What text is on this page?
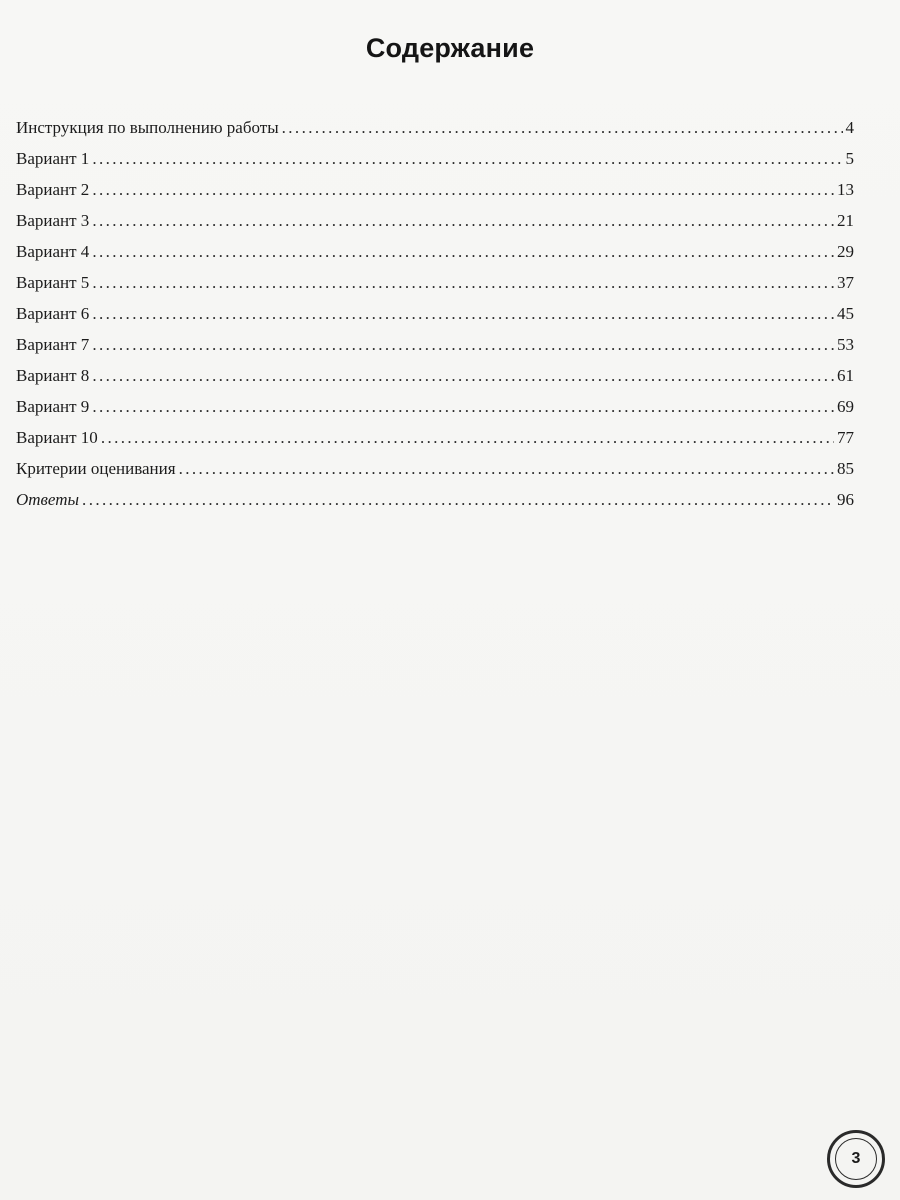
Содержание
Инструкция по выполнению работы .....	4
Вариант 1 .....	5
Вариант 2 .....	13
Вариант 3 .....	21
Вариант 4 .....	29
Вариант 5 .....	37
Вариант 6 .....	45
Вариант 7 .....	53
Вариант 8 .....	61
Вариант 9 .....	69
Вариант 10 .....	77
Критерии оценивания .....	85
Ответы .....	96
3
